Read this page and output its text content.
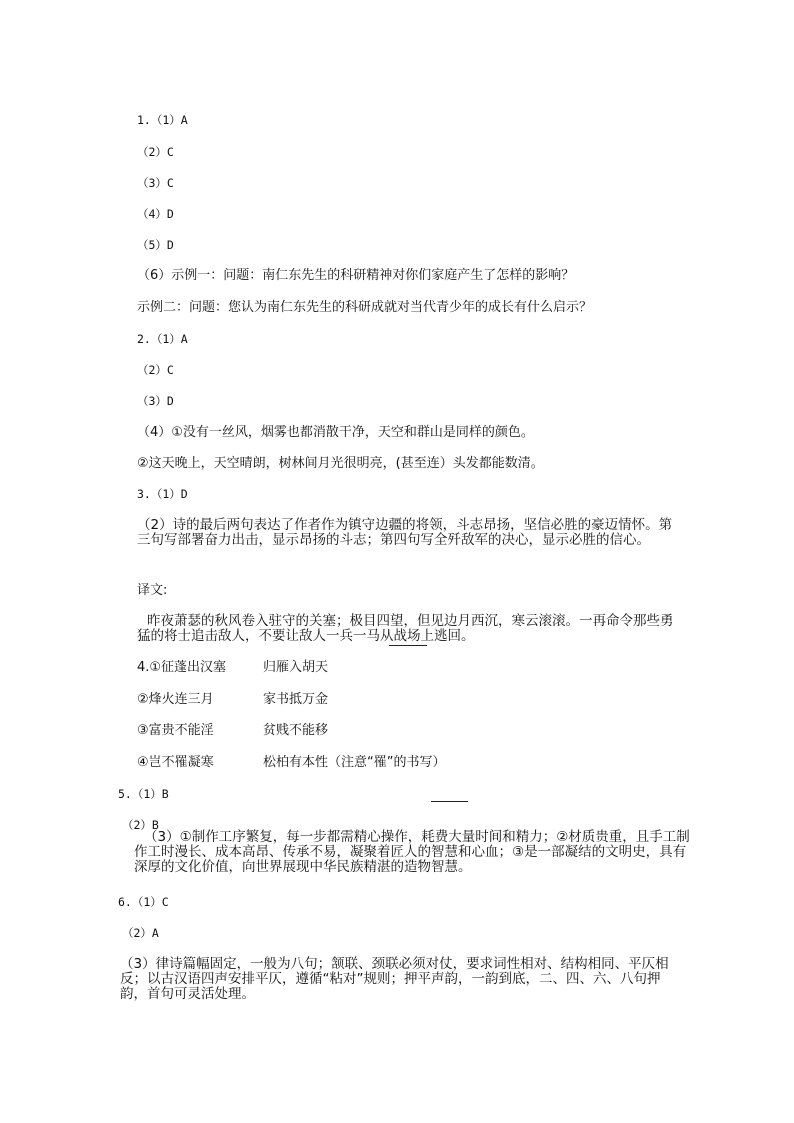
1.（1）A
（2）C
（3）C
（4）D
（5）D
（6）示例一：问题：南仁东先生的科研精神对你们家庭产生了怎样的影响？
示例二：问题：您认为南仁东先生的科研成就对当代青少年的成长有什么启示？
2.（1）A
（2）C
（3）D
（4）①没有一丝风，烟雾也都消散干净，天空和群山是同样的颜色。
②这天晚上，天空晴朗，树林间月光很明亮，(甚至连）头发都能数清。
3.（1）D
（2）诗的最后两句表达了作者作为镇守边疆的将领，斗志昂扬，坚信必胜的豪迈情怀。第三句写部署奋力出击，显示昂扬的斗志；第四句写全歼敌军的决心，显示必胜的信心。
译文:
昨夜萧瑟的秋风卷入驻守的关塞；极目四望，但见边月西沉，寒云滚滚。一再命令那些勇猛的将士追击敌人，不要让敌人一兵一马从战场上逃回。
4.①征蓬出汉塞	归雁入胡天
②烽火连三月	家书抵万金
③富贵不能淫	贫贱不能移
④岂不罹凝寒	松柏有本性（注意“罹”的书写）
5.（1）B
（2）B
（3）①制作工序繁复，每一步都需精心操作，耗费大量时间和精力；②材质贵重，且手工制作工时漫长、成本高昂、传承不易，凝聚着匠人的智慧和心血；③是一部凝结的文明史，具有深厚的文化价值，向世界展现中华民族精湛的造物智慧。
6.（1）C
（2）A
（3）律诗篇幅固定，一般为八句；颔联、颈联必须对仗，要求词性相对、结构相同、平仄相反；以古汉语四声安排平仄，遵循“粘对”规则；押平声韵，一韵到底，二、四、六、八句押韵，首句可灵活处理。
